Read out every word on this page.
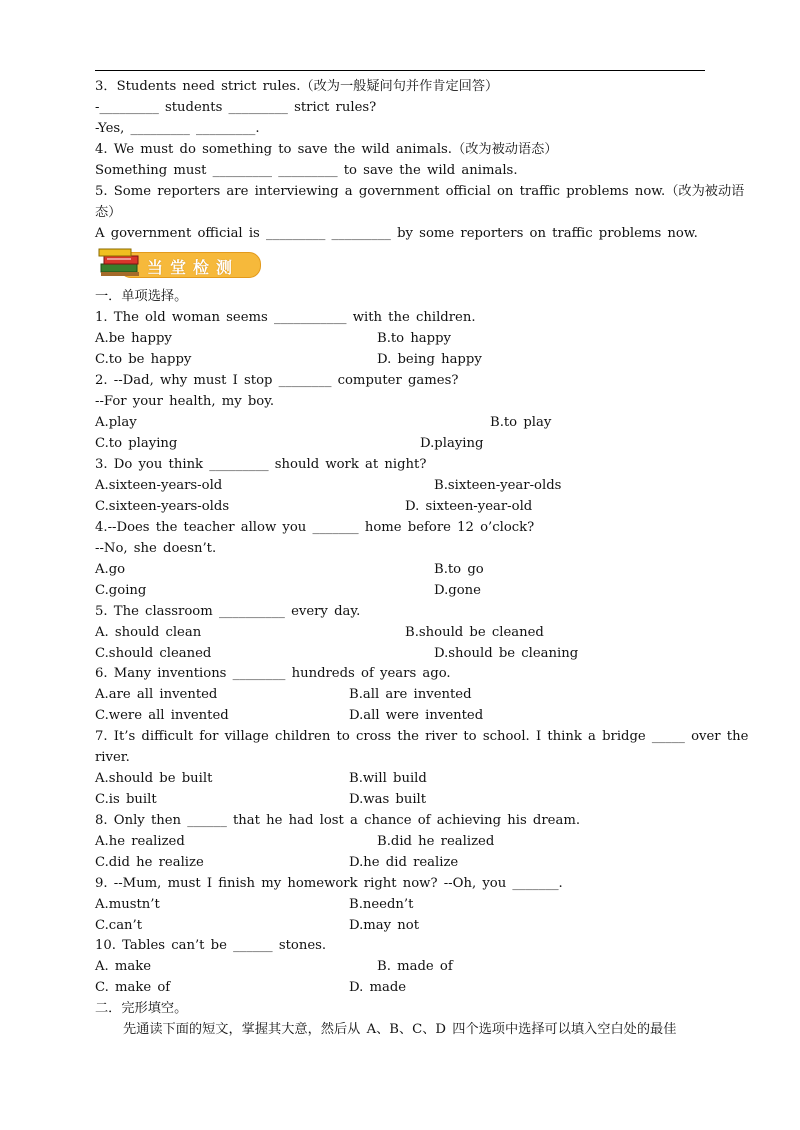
3．Students need strict rules.（改为一般疑问句并作肯定回答）
-_________ students _________ strict rules?
-Yes, _________ _________.
4. We must do something to save the wild animals.（改为被动语态）
Something must _________ _________ to save the wild animals.
5. Some reporters are interviewing a government official on traffic problems now.（改为被动语
态）
A government official is _________ _________ by some reporters on traffic problems now.
当堂检测
一．单项选择。
1. The old woman seems ___________ with the children.
A.be happy	B.to happy
C.to be happy	D. being happy
2. --Dad, why must I stop ________ computer games?
--For your health, my boy.
A.play	B.to play
C.to playing	D.playing
3. Do you think _________ should work at night?
A.sixteen-years-old	B.sixteen-year-olds
C.sixteen-years-olds	D. sixteen-year-old
4.--Does the teacher allow you _______ home before 12 o’clock?
--No, she doesn’t.
A.go	B.to go
C.going	D.gone
5. The classroom __________ every day.
A. should clean	B.should be cleaned
C.should cleaned	D.should be cleaning
6. Many inventions ________ hundreds of years ago.
A.are all invented	B.all are invented
C.were all invented	D.all were invented
7. It’s difficult for village children to cross the river to school. I think a bridge _____ over the
river.
A.should be built	B.will build
C.is built	D.was built
8. Only then ______ that he had lost a chance of achieving his dream.
A.he realized	B.did he realized
C.did he realize	D.he did realize
9. --Mum, must I finish my homework right now? --Oh, you _______.
A.mustn’t	B.needn’t
C.can’t	D.may not
10. Tables can’t be ______ stones.
A. make	B. made of
C. make of	D. made
二．完形填空。
先通读下面的短文，掌握其大意，然后从 A、B、C、D 四个选项中选择可以填入空白处的最佳
